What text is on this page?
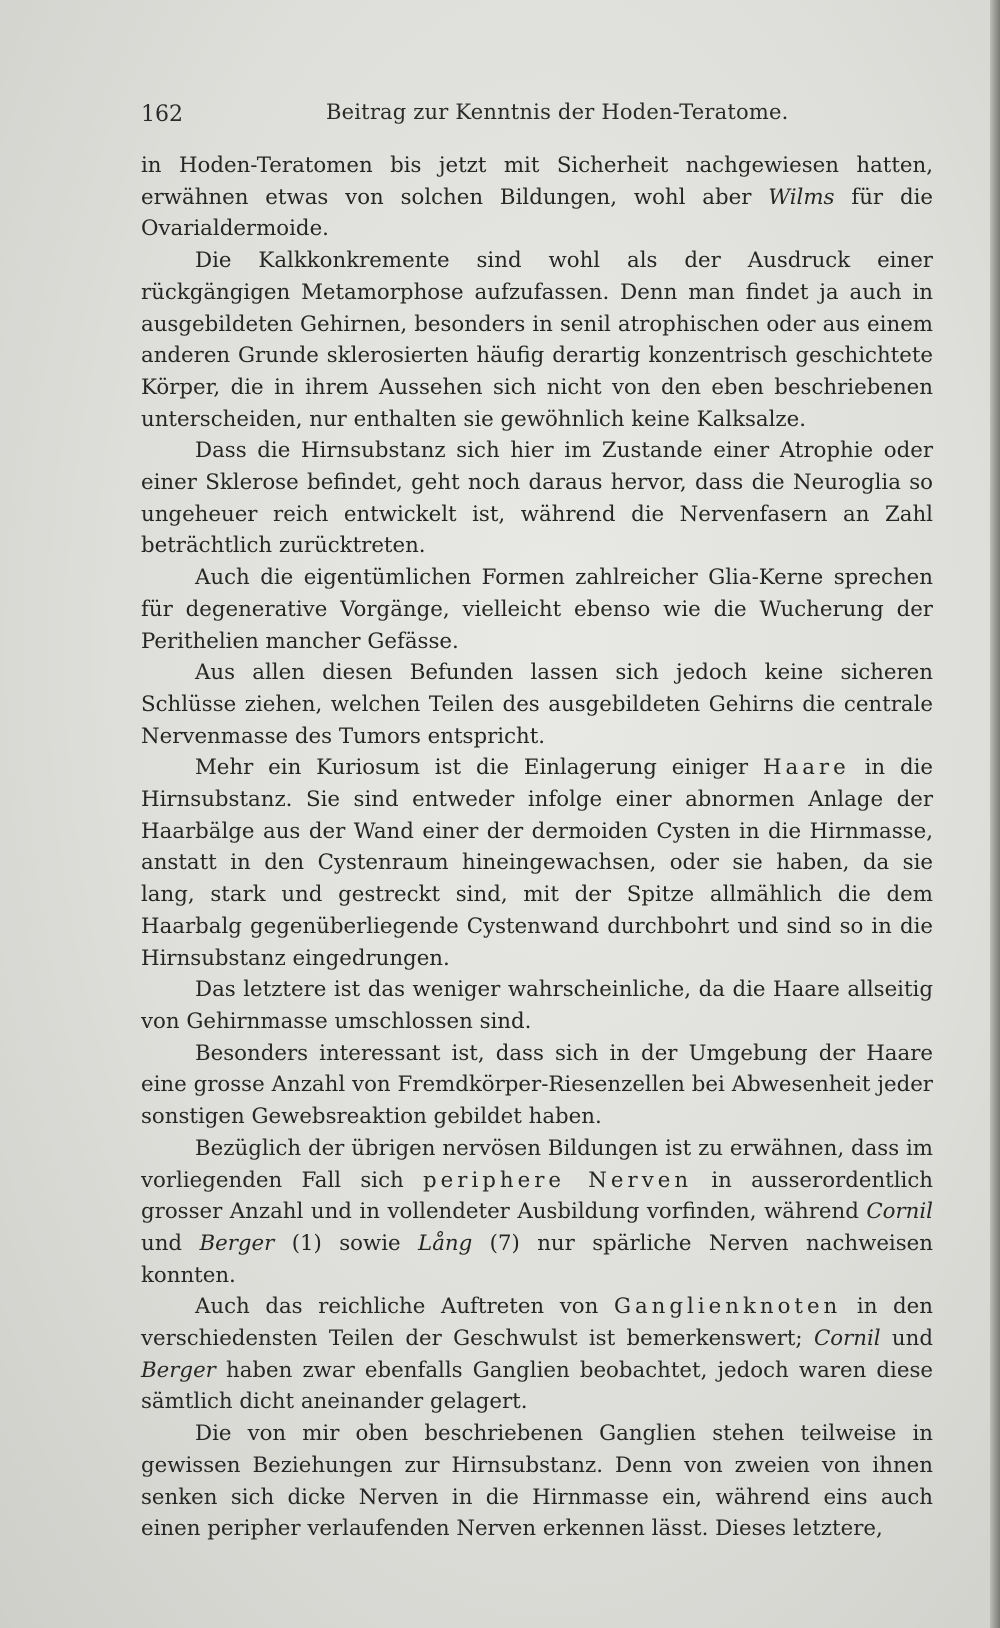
162	Beitrag zur Kenntnis der Hoden-Teratome.

in Hoden-Teratomen bis jetzt mit Sicherheit nachgewiesen hatten, erwähnen etwas von solchen Bildungen, wohl aber Wilms für die Ovarialdermoide.

Die Kalkkonkremente sind wohl als der Ausdruck einer rückgängigen Metamorphose aufzufassen. Denn man findet ja auch in ausgebildeten Gehirnen, besonders in senil atrophischen oder aus einem anderen Grunde sklerosierten häufig derartig konzentrisch geschichtete Körper, die in ihrem Aussehen sich nicht von den eben beschriebenen unterscheiden, nur enthalten sie gewöhnlich keine Kalksalze.

Dass die Hirnsubstanz sich hier im Zustande einer Atrophie oder einer Sklerose befindet, geht noch daraus hervor, dass die Neuroglia so ungeheuer reich entwickelt ist, während die Nervenfasern an Zahl beträchtlich zurücktreten.

Auch die eigentümlichen Formen zahlreicher Glia-Kerne sprechen für degenerative Vorgänge, vielleicht ebenso wie die Wucherung der Perithelien mancher Gefässe.

Aus allen diesen Befunden lassen sich jedoch keine sicheren Schlüsse ziehen, welchen Teilen des ausgebildeten Gehirns die centrale Nervenmasse des Tumors entspricht.

Mehr ein Kuriosum ist die Einlagerung einiger Haare in die Hirnsubstanz. Sie sind entweder infolge einer abnormen Anlage der Haarbälge aus der Wand einer der dermoiden Cysten in die Hirnmasse, anstatt in den Cystenraum hineingewachsen, oder sie haben, da sie lang, stark und gestreckt sind, mit der Spitze allmählich die dem Haarbalg gegenüberliegende Cystenwand durchbohrt und sind so in die Hirnsubstanz eingedrungen.

Das letztere ist das weniger wahrscheinliche, da die Haare allseitig von Gehirnmasse umschlossen sind.

Besonders interessant ist, dass sich in der Umgebung der Haare eine grosse Anzahl von Fremdkörper-Riesenzellen bei Abwesenheit jeder sonstigen Gewebsreaktion gebildet haben.

Bezüglich der übrigen nervösen Bildungen ist zu erwähnen, dass im vorliegenden Fall sich periphere Nerven in ausserordentlich grosser Anzahl und in vollendeter Ausbildung vorfinden, während Cornil und Berger (1) sowie Lång (7) nur spärliche Nerven nachweisen konnten.

Auch das reichliche Auftreten von Ganglienknoten in den verschiedensten Teilen der Geschwulst ist bemerkenswert; Cornil und Berger haben zwar ebenfalls Ganglien beobachtet, jedoch waren diese sämtlich dicht aneinander gelagert.

Die von mir oben beschriebenen Ganglien stehen teilweise in gewissen Beziehungen zur Hirnsubstanz. Denn von zweien von ihnen senken sich dicke Nerven in die Hirnmasse ein, während eins auch einen peripher verlaufenden Nerven erkennen lässt. Dieses letztere,
